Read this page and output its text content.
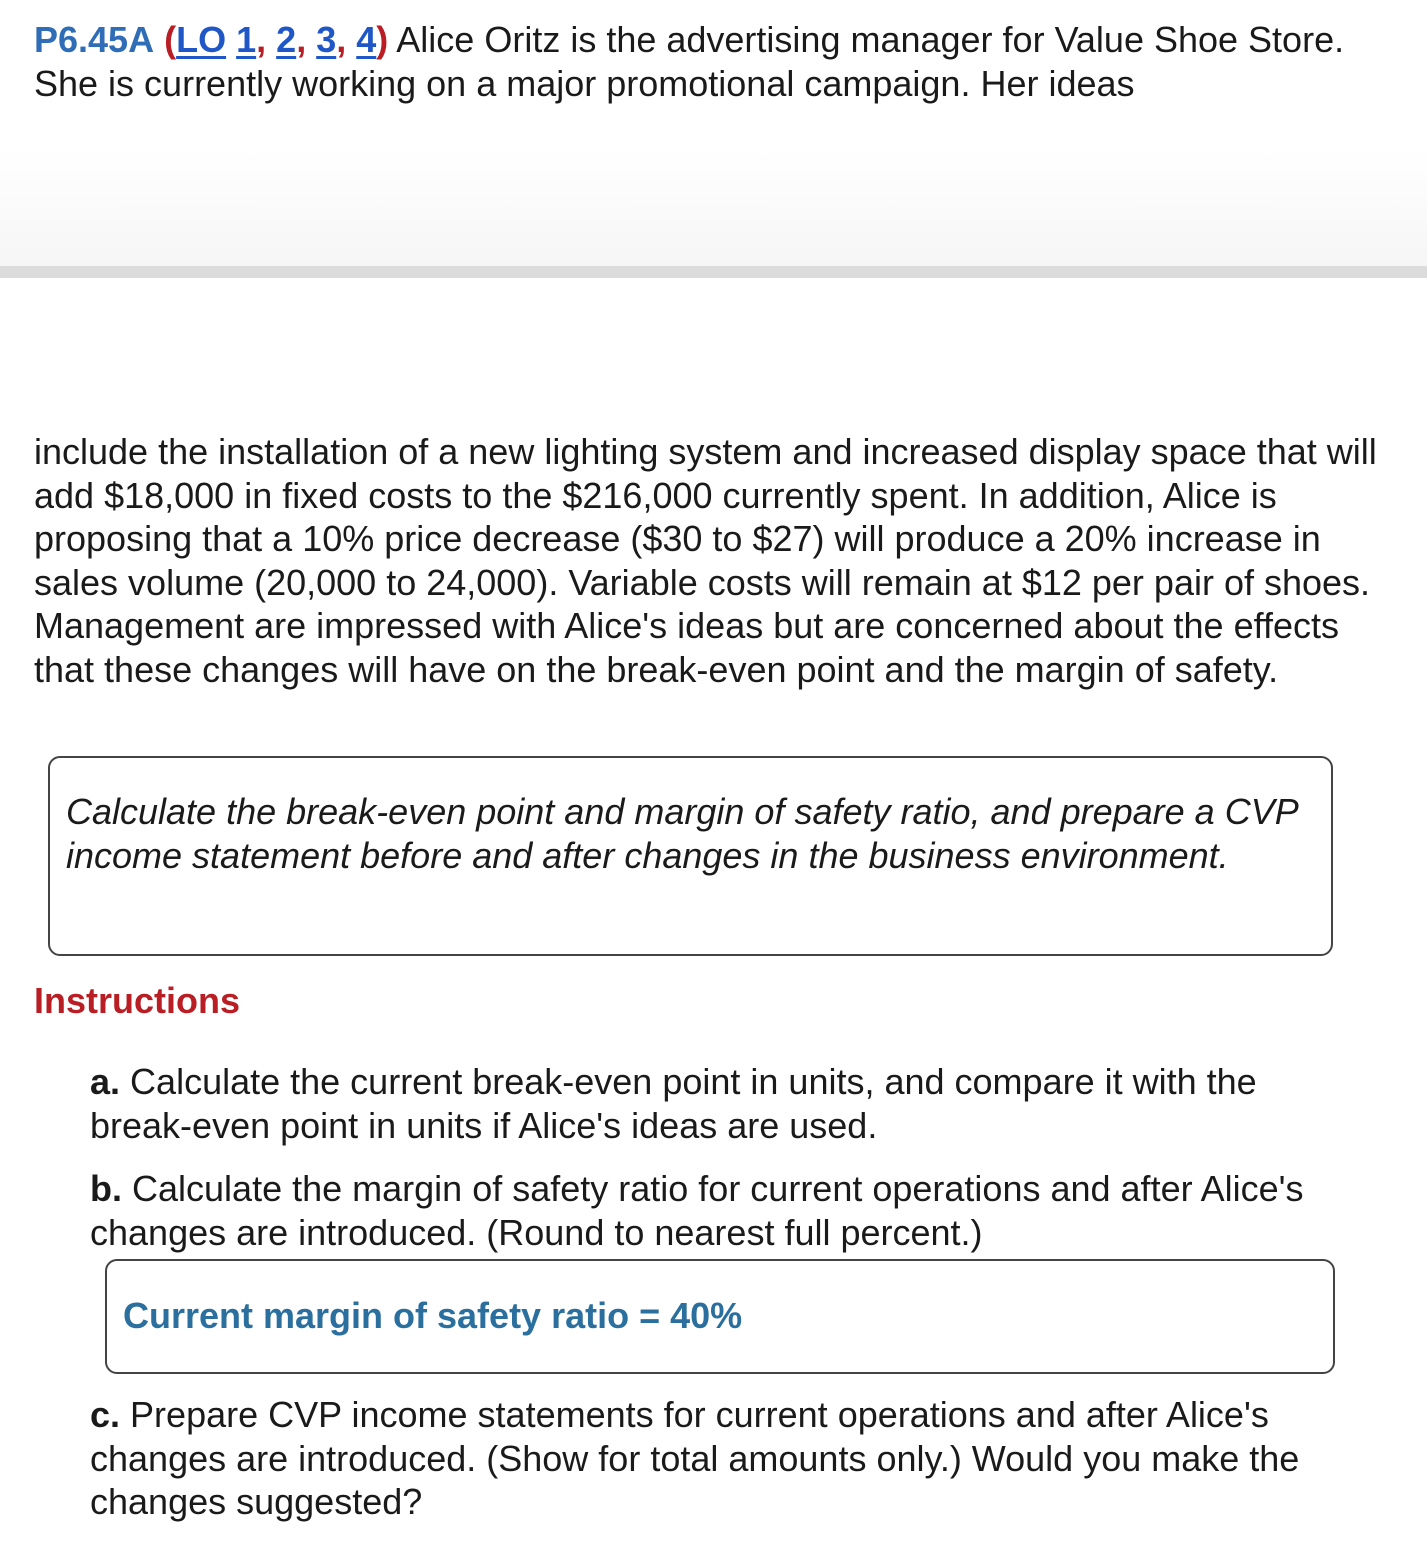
P6.45A (LO 1, 2, 3, 4) Alice Oritz is the advertising manager for Value Shoe Store. She is currently working on a major promotional campaign. Her ideas
include the installation of a new lighting system and increased display space that will add $18,000 in fixed costs to the $216,000 currently spent. In addition, Alice is proposing that a 10% price decrease ($30 to $27) will produce a 20% increase in sales volume (20,000 to 24,000). Variable costs will remain at $12 per pair of shoes. Management are impressed with Alice's ideas but are concerned about the effects that these changes will have on the break-even point and the margin of safety.
Calculate the break-even point and margin of safety ratio, and prepare a CVP income statement before and after changes in the business environment.
Instructions
a. Calculate the current break-even point in units, and compare it with the break-even point in units if Alice's ideas are used.
b. Calculate the margin of safety ratio for current operations and after Alice's changes are introduced. (Round to nearest full percent.)
Current margin of safety ratio = 40%
c. Prepare CVP income statements for current operations and after Alice's changes are introduced. (Show for total amounts only.) Would you make the changes suggested?
